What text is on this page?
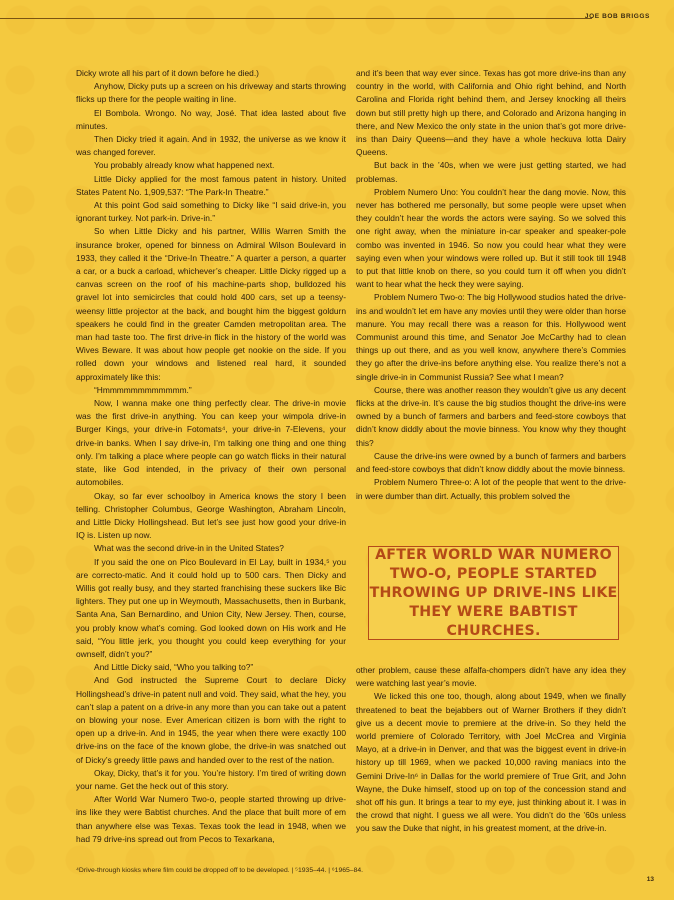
JOE BOB BRIGGS

Dicky wrote all his part of it down before he died.)

Anyhow, Dicky puts up a screen on his driveway and starts throwing flicks up there for the people waiting in line.

El Bombola. Wrongo. No way, José. That idea lasted about five minutes.

Then Dicky tried it again. And in 1932, the universe as we know it was changed forever.

You probably already know what happened next.

Little Dicky applied for the most famous patent in history. United States Patent No. 1,909,537: “The Park-In Theatre.”

At this point God said something to Dicky like “I said drive-in, you ignorant turkey. Not park-in. Drive-in.”

So when Little Dicky and his partner, Willis Warren Smith the insurance broker, opened for binness on Admiral Wilson Boulevard in 1933, they called it the “Drive-In Theatre.” A quarter a person, a quarter a car, or a buck a carload, whichever’s cheaper. Little Dicky rigged up a canvas screen on the roof of his machine-parts shop, bulldozed his gravel lot into semicircles that could hold 400 cars, set up a teensy-weensy little projector at the back, and bought him the biggest goldurn speakers he could find in the greater Camden metropolitan area. The man had taste too. The first drive-in flick in the history of the world was Wives Beware. It was about how people get nookie on the side. If you rolled down your windows and listened real hard, it sounded approximately like this:

“Hmmmmmmmmmmmm.”

Now, I wanna make one thing perfectly clear. The drive-in movie was the first drive-in anything. You can keep your wimpola drive-in Burger Kings, your drive-in Fotomats⁴, your drive-in 7-Elevens, your drive-in banks. When I say drive-in, I’m talking one thing and one thing only. I’m talking a place where people can go watch flicks in their natural state, like God intended, in the privacy of their own personal automobiles.

Okay, so far ever schoolboy in America knows the story I been telling. Christopher Columbus, George Washington, Abraham Lincoln, and Little Dicky Hollingshead. But let’s see just how good your drive-in IQ is. Listen up now.

What was the second drive-in in the United States?

If you said the one on Pico Boulevard in El Lay, built in 1934,⁵ you are correcto-matic. And it could hold up to 500 cars. Then Dicky and Willis got really busy, and they started franchising these suckers like Bic lighters. They put one up in Weymouth, Massachusetts, then in Burbank, Santa Ana, San Bernardino, and Union City, New Jersey. Then, course, you probly know what’s coming. God looked down on His work and He said, “You little jerk, you thought you could keep everything for your ownself, didn’t you?”

And Little Dicky said, “Who you talking to?”

And God instructed the Supreme Court to declare Dicky Hollingshead’s drive-in patent null and void. They said, what the hey, you can’t slap a patent on a drive-in any more than you can take out a patent on blowing your nose. Ever American citizen is born with the right to open up a drive-in. And in 1945, the year when there were exactly 100 drive-ins on the face of the known globe, the drive-in was snatched out of Dicky’s greedy little paws and handed over to the rest of the nation.

Okay, Dicky, that’s it for you. You’re history. I’m tired of writing down your name. Get the heck out of this story.

After World War Numero Two-o, people started throwing up drive-ins like they were Babtist churches. And the place that built more of em than anywhere else was Texas. Texas took the lead in 1948, when we had 79 drive-ins spread out from Pecos to Texarkana,

and it’s been that way ever since. Texas has got more drive-ins than any country in the world, with California and Ohio right behind, and North Carolina and Florida right behind them, and Jersey knocking all theirs down but still pretty high up there, and Colorado and Arizona hanging in there, and New Mexico the only state in the union that’s got more drive-ins than Dairy Queens—and they have a whole heckuva lotta Dairy Queens.

But back in the ’40s, when we were just getting started, we had problemas.

Problem Numero Uno: You couldn’t hear the dang movie. Now, this never has bothered me personally, but some people were upset when they couldn’t hear the words the actors were saying. So we solved this one right away, when the miniature in-car speaker and speaker-pole combo was invented in 1946. So now you could hear what they were saying even when your windows were rolled up. But it still took till 1948 to put that little knob on there, so you could turn it off when you didn’t want to hear what the heck they were saying.

Problem Numero Two-o: The big Hollywood studios hated the drive-ins and wouldn’t let em have any movies until they were older than horse manure. You may recall there was a reason for this. Hollywood went Communist around this time, and Senator Joe McCarthy had to clean things up out there, and as you well know, anywhere there’s Commies they go after the drive-ins before anything else. You realize there’s not a single drive-in in Communist Russia? See what I mean?

Course, there was another reason they wouldn’t give us any decent flicks at the drive-in. It’s cause the big studios thought the drive-ins were owned by a bunch of farmers and barbers and feed-store cowboys that didn’t know diddly about the movie binness. You know why they thought this?

Cause the drive-ins were owned by a bunch of farmers and barbers and feed-store cowboys that didn’t know diddly about the movie binness.

Problem Numero Three-o: A lot of the people that went to the drive-in were dumber than dirt. Actually, this problem solved the

AFTER WORLD WAR NUMERO TWO-O, PEOPLE STARTED THROWING UP DRIVE-INS LIKE THEY WERE BABTIST CHURCHES.

other problem, cause these alfalfa-chompers didn’t have any idea they were watching last year’s movie.

We licked this one too, though, along about 1949, when we finally threatened to beat the bejabbers out of Warner Brothers if they didn’t give us a decent movie to premiere at the drive-in. So they held the world premiere of Colorado Territory, with Joel McCrea and Virginia Mayo, at a drive-in in Denver, and that was the biggest event in drive-in history up till 1969, when we packed 10,000 raving maniacs into the Gemini Drive-In⁶ in Dallas for the world premiere of True Grit, and John Wayne, the Duke himself, stood up on top of the concession stand and shot off his gun. It brings a tear to my eye, just thinking about it. I was in the crowd that night. I guess we all were. You didn’t do the ’60s unless you saw the Duke that night, in his greatest moment, at the drive-in.

⁴Drive-through kiosks where film could be dropped off to be developed. | ⁵1935–44. | ⁶1965–84.
13
